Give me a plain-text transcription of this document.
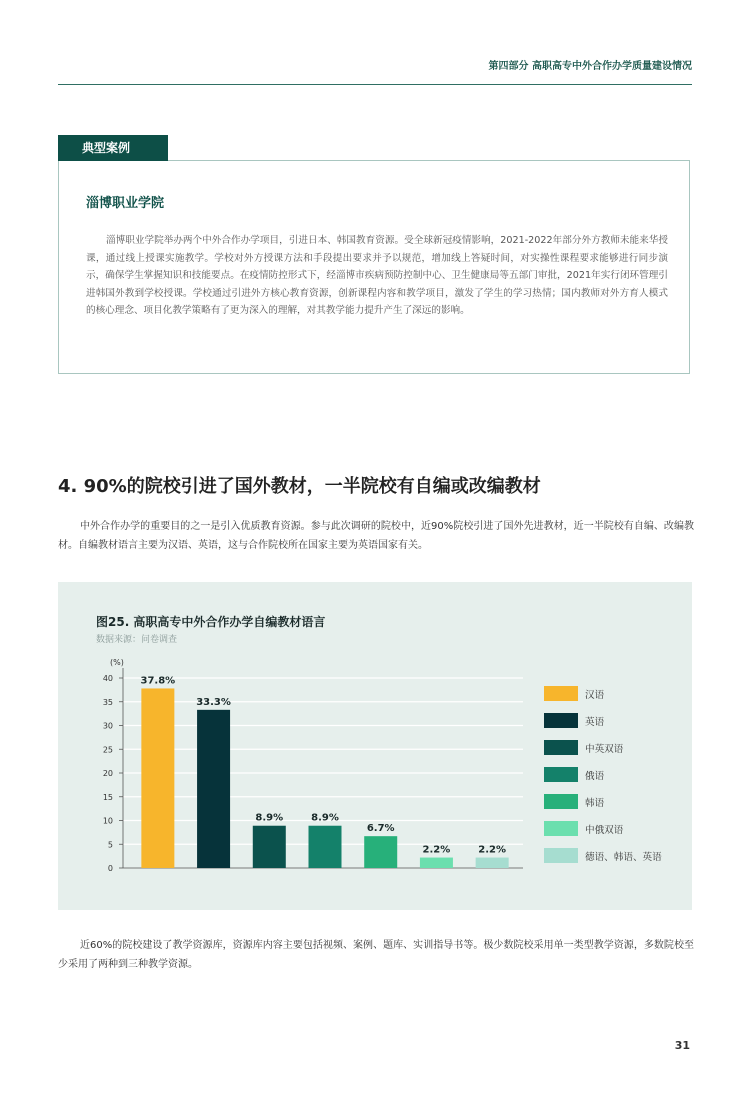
第四部分 高职高专中外合作办学质量建设情况
典型案例
淄博职业学院
淄博职业学院举办两个中外合作办学项目，引进日本、韩国教育资源。受全球新冠疫情影响，2021-2022年部分外方教师未能来华授课，通过线上授课实施教学。学校对外方授课方法和手段提出要求并予以规范，增加线上答疑时间，对实操性课程要求能够进行同步演示，确保学生掌握知识和技能要点。在疫情防控形式下，经淄博市疾病预防控制中心、卫生健康局等五部门审批，2021年实行闭环管理引进韩国外教到学校授课。学校通过引进外方核心教育资源，创新课程内容和教学项目，激发了学生的学习热情；国内教师对外方育人模式的核心理念、项目化教学策略有了更为深入的理解，对其教学能力提升产生了深远的影响。
4. 90%的院校引进了国外教材，一半院校有自编或改编教材
中外合作办学的重要目的之一是引入优质教育资源。参与此次调研的院校中，近90%院校引进了国外先进教材，近一半院校有自编、改编教材。自编教材语言主要为汉语、英语，这与合作院校所在国家主要为英语国家有关。
图25. 高职高专中外合作办学自编教材语言
数据来源：问卷调查
(%)
0
5
10
15
20
25
30
35
40	37.8%
33.3%
8.9%	8.9%
6.7%
2.2%	2.2%
汉语
英语
中英双语
俄语
韩语
中俄双语
德语、韩语、英语
近60%的院校建设了教学资源库，资源库内容主要包括视频、案例、题库、实训指导书等。极少数院校采用单一类型教学资源，多数院校至少采用了两种到三种教学资源。
31
